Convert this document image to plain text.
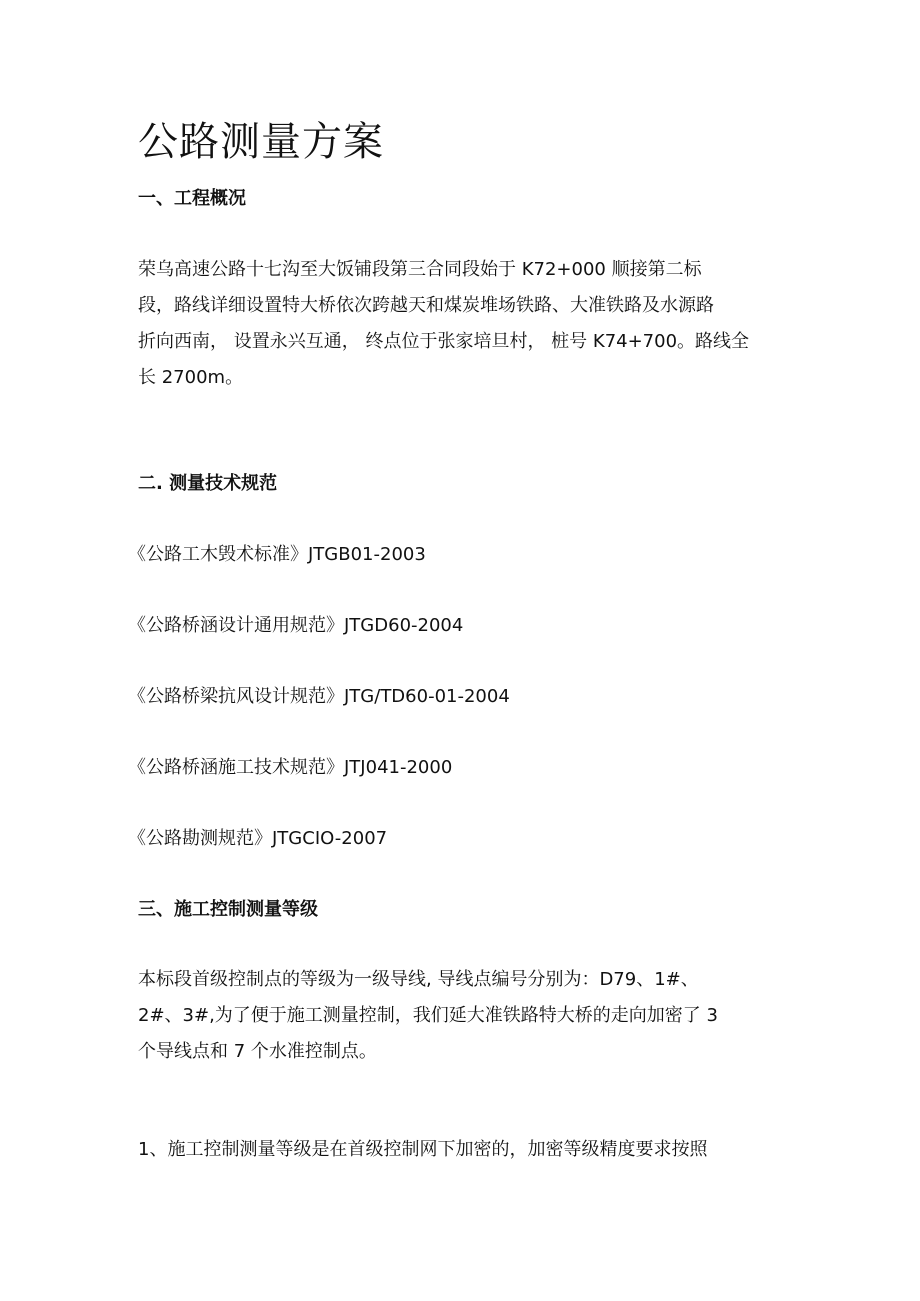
公路测量方案
一、工程概况
荣乌高速公路十七沟至大饭铺段第三合同段始于 K72+000 顺接第二标
段，路线详细设置特大桥依次跨越天和煤炭堆场铁路、大准铁路及水源路
折向西南， 设置永兴互通， 终点位于张家培旦村， 桩号 K74+700。路线全
长 2700m。
二. 测量技术规范

《公路工木毁术标准》JTGB01-2003

《公路桥涵设计通用规范》JTGD60-2004

《公路桥梁抗风设计规范》JTG/TD60-01-2004

《公路桥涵施工技术规范》JTJ041-2000

《公路勘测规范》JTGCIO-2007

三、施工控制测量等级
本标段首级控制点的等级为一级导线, 导线点编号分别为：D79、1#、
2#、3#,为了便于施工测量控制，我们延大准铁路特大桥的走向加密了 3
个导线点和 7 个水准控制点。
1、施工控制测量等级是在首级控制网下加密的，加密等级精度要求按照
